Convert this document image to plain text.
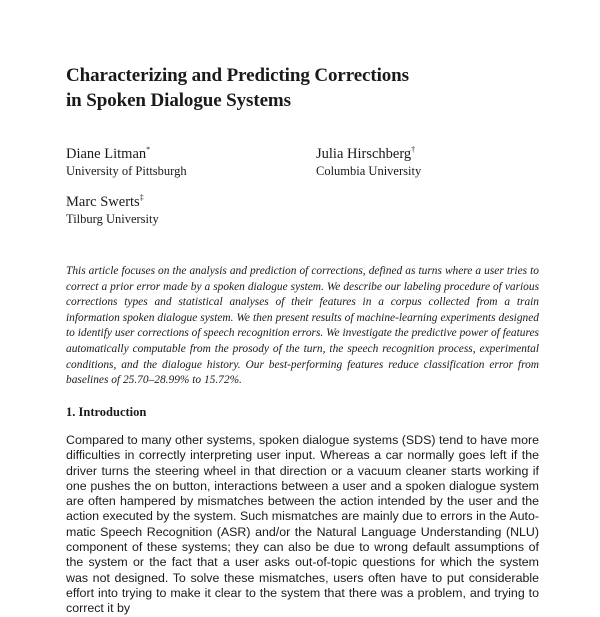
Characterizing and Predicting Corrections
in Spoken Dialogue Systems
Diane Litman*
University of Pittsburgh
Julia Hirschberg†
Columbia University
Marc Swerts‡
Tilburg University

This article focuses on the analysis and prediction of corrections, defined as turns where a user tries to correct a prior error made by a spoken dialogue system. We describe our labeling procedure of various corrections types and statistical analyses of their features in a corpus collected from a train information spoken dialogue system. We then present results of machine-learning experiments designed to identify user corrections of speech recognition errors. We investigate the predictive power of features automatically computable from the prosody of the turn, the speech recognition process, experimental conditions, and the dialogue history. Our best-performing features reduce classification error from baselines of 25.70–28.99% to 15.72%.

1. Introduction

Compared to many other systems, spoken dialogue systems (SDS) tend to have more difficulties in correctly interpreting user input. Whereas a car normally goes left if the driver turns the steering wheel in that direction or a vacuum cleaner starts working if one pushes the on button, interactions between a user and a spoken dialogue system are often hampered by mismatches between the action intended by the user and the action executed by the system. Such mismatches are mainly due to errors in the Automatic Speech Recognition (ASR) and/or the Natural Language Understanding (NLU) component of these systems; they can also be due to wrong default assumptions of the system or the fact that a user asks out-of-topic questions for which the system was not designed. To solve these mismatches, users often have to put considerable effort into trying to make it clear to the system that there was a problem, and trying to correct it by
